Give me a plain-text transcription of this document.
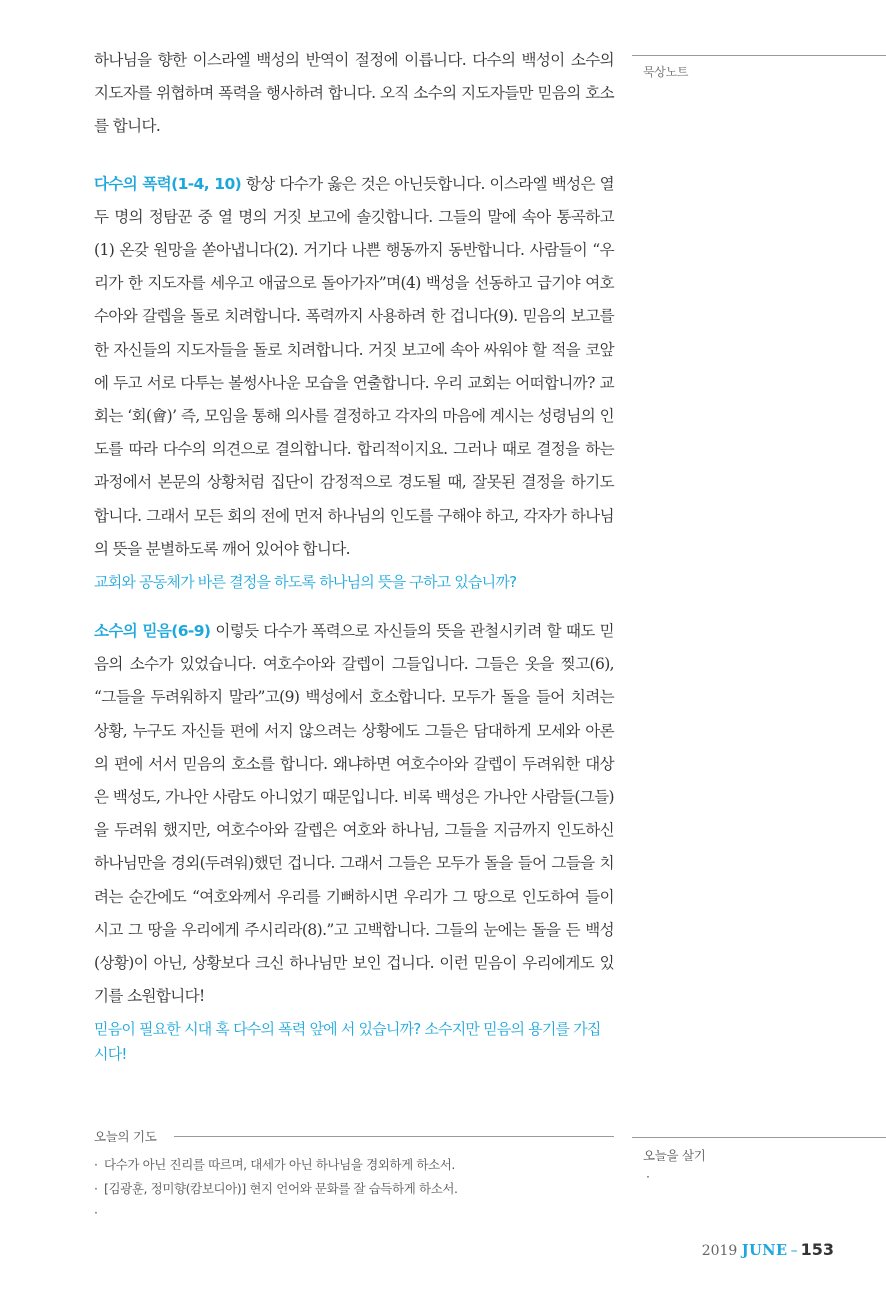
하나님을 향한 이스라엘 백성의 반역이 절정에 이릅니다. 다수의 백성이 소수의 지도자를 위협하며 폭력을 행사하려 합니다. 오직 소수의 지도자들만 믿음의 호소를 합니다.

다수의 폭력(1-4, 10) 항상 다수가 옳은 것은 아닌듯합니다. 이스라엘 백성은 열두 명의 정탐꾼 중 열 명의 거짓 보고에 솔깃합니다. 그들의 말에 속아 통곡하고(1) 온갖 원망을 쏟아냅니다(2). 거기다 나쁜 행동까지 동반합니다. 사람들이 “우리가 한 지도자를 세우고 애굽으로 돌아가자”며(4) 백성을 선동하고 급기야 여호수아와 갈렙을 돌로 치려합니다. 폭력까지 사용하려 한 겁니다(9). 믿음의 보고를 한 자신들의 지도자들을 돌로 치려합니다. 거짓 보고에 속아 싸워야 할 적을 코앞에 두고 서로 다투는 볼썽사나운 모습을 연출합니다. 우리 교회는 어떠합니까? 교회는 ‘회(會)’ 즉, 모임을 통해 의사를 결정하고 각자의 마음에 계시는 성령님의 인도를 따라 다수의 의견으로 결의합니다. 합리적이지요. 그러나 때로 결정을 하는 과정에서 본문의 상황처럼 집단이 감정적으로 경도될 때, 잘못된 결정을 하기도 합니다. 그래서 모든 회의 전에 먼저 하나님의 인도를 구해야 하고, 각자가 하나님의 뜻을 분별하도록 깨어 있어야 합니다.

교회와 공동체가 바른 결정을 하도록 하나님의 뜻을 구하고 있습니까?

소수의 믿음(6-9) 이렇듯 다수가 폭력으로 자신들의 뜻을 관철시키려 할 때도 믿음의 소수가 있었습니다. 여호수아와 갈렙이 그들입니다. 그들은 옷을 찢고(6), “그들을 두려워하지 말라”고(9) 백성에서 호소합니다. 모두가 돌을 들어 치려는 상황, 누구도 자신들 편에 서지 않으려는 상황에도 그들은 담대하게 모세와 아론의 편에 서서 믿음의 호소를 합니다. 왜냐하면 여호수아와 갈렙이 두려워한 대상은 백성도, 가나안 사람도 아니었기 때문입니다. 비록 백성은 가나안 사람들(그들)을 두려워 했지만, 여호수아와 갈렙은 여호와 하나님, 그들을 지금까지 인도하신 하나님만을 경외(두려워)했던 겁니다. 그래서 그들은 모두가 돌을 들어 그들을 치려는 순간에도 “여호와께서 우리를 기뻐하시면 우리가 그 땅으로 인도하여 들이시고 그 땅을 우리에게 주시리라(8).”고 고백합니다. 그들의 눈에는 돌을 든 백성(상황)이 아닌, 상황보다 크신 하나님만 보인 겁니다. 이런 믿음이 우리에게도 있기를 소원합니다!

믿음이 필요한 시대 혹 다수의 폭력 앞에 서 있습니까? 소수지만 믿음의 용기를 가집시다!

묵상노트
오늘의 기도
· 다수가 아닌 진리를 따르며, 대세가 아닌 하나님을 경외하게 하소서.
· [김광훈, 정미향(캄보디아)] 현지 언어와 문화를 잘 습득하게 하소서.
·
오늘을 살기
·
2019 JUNE – 153
